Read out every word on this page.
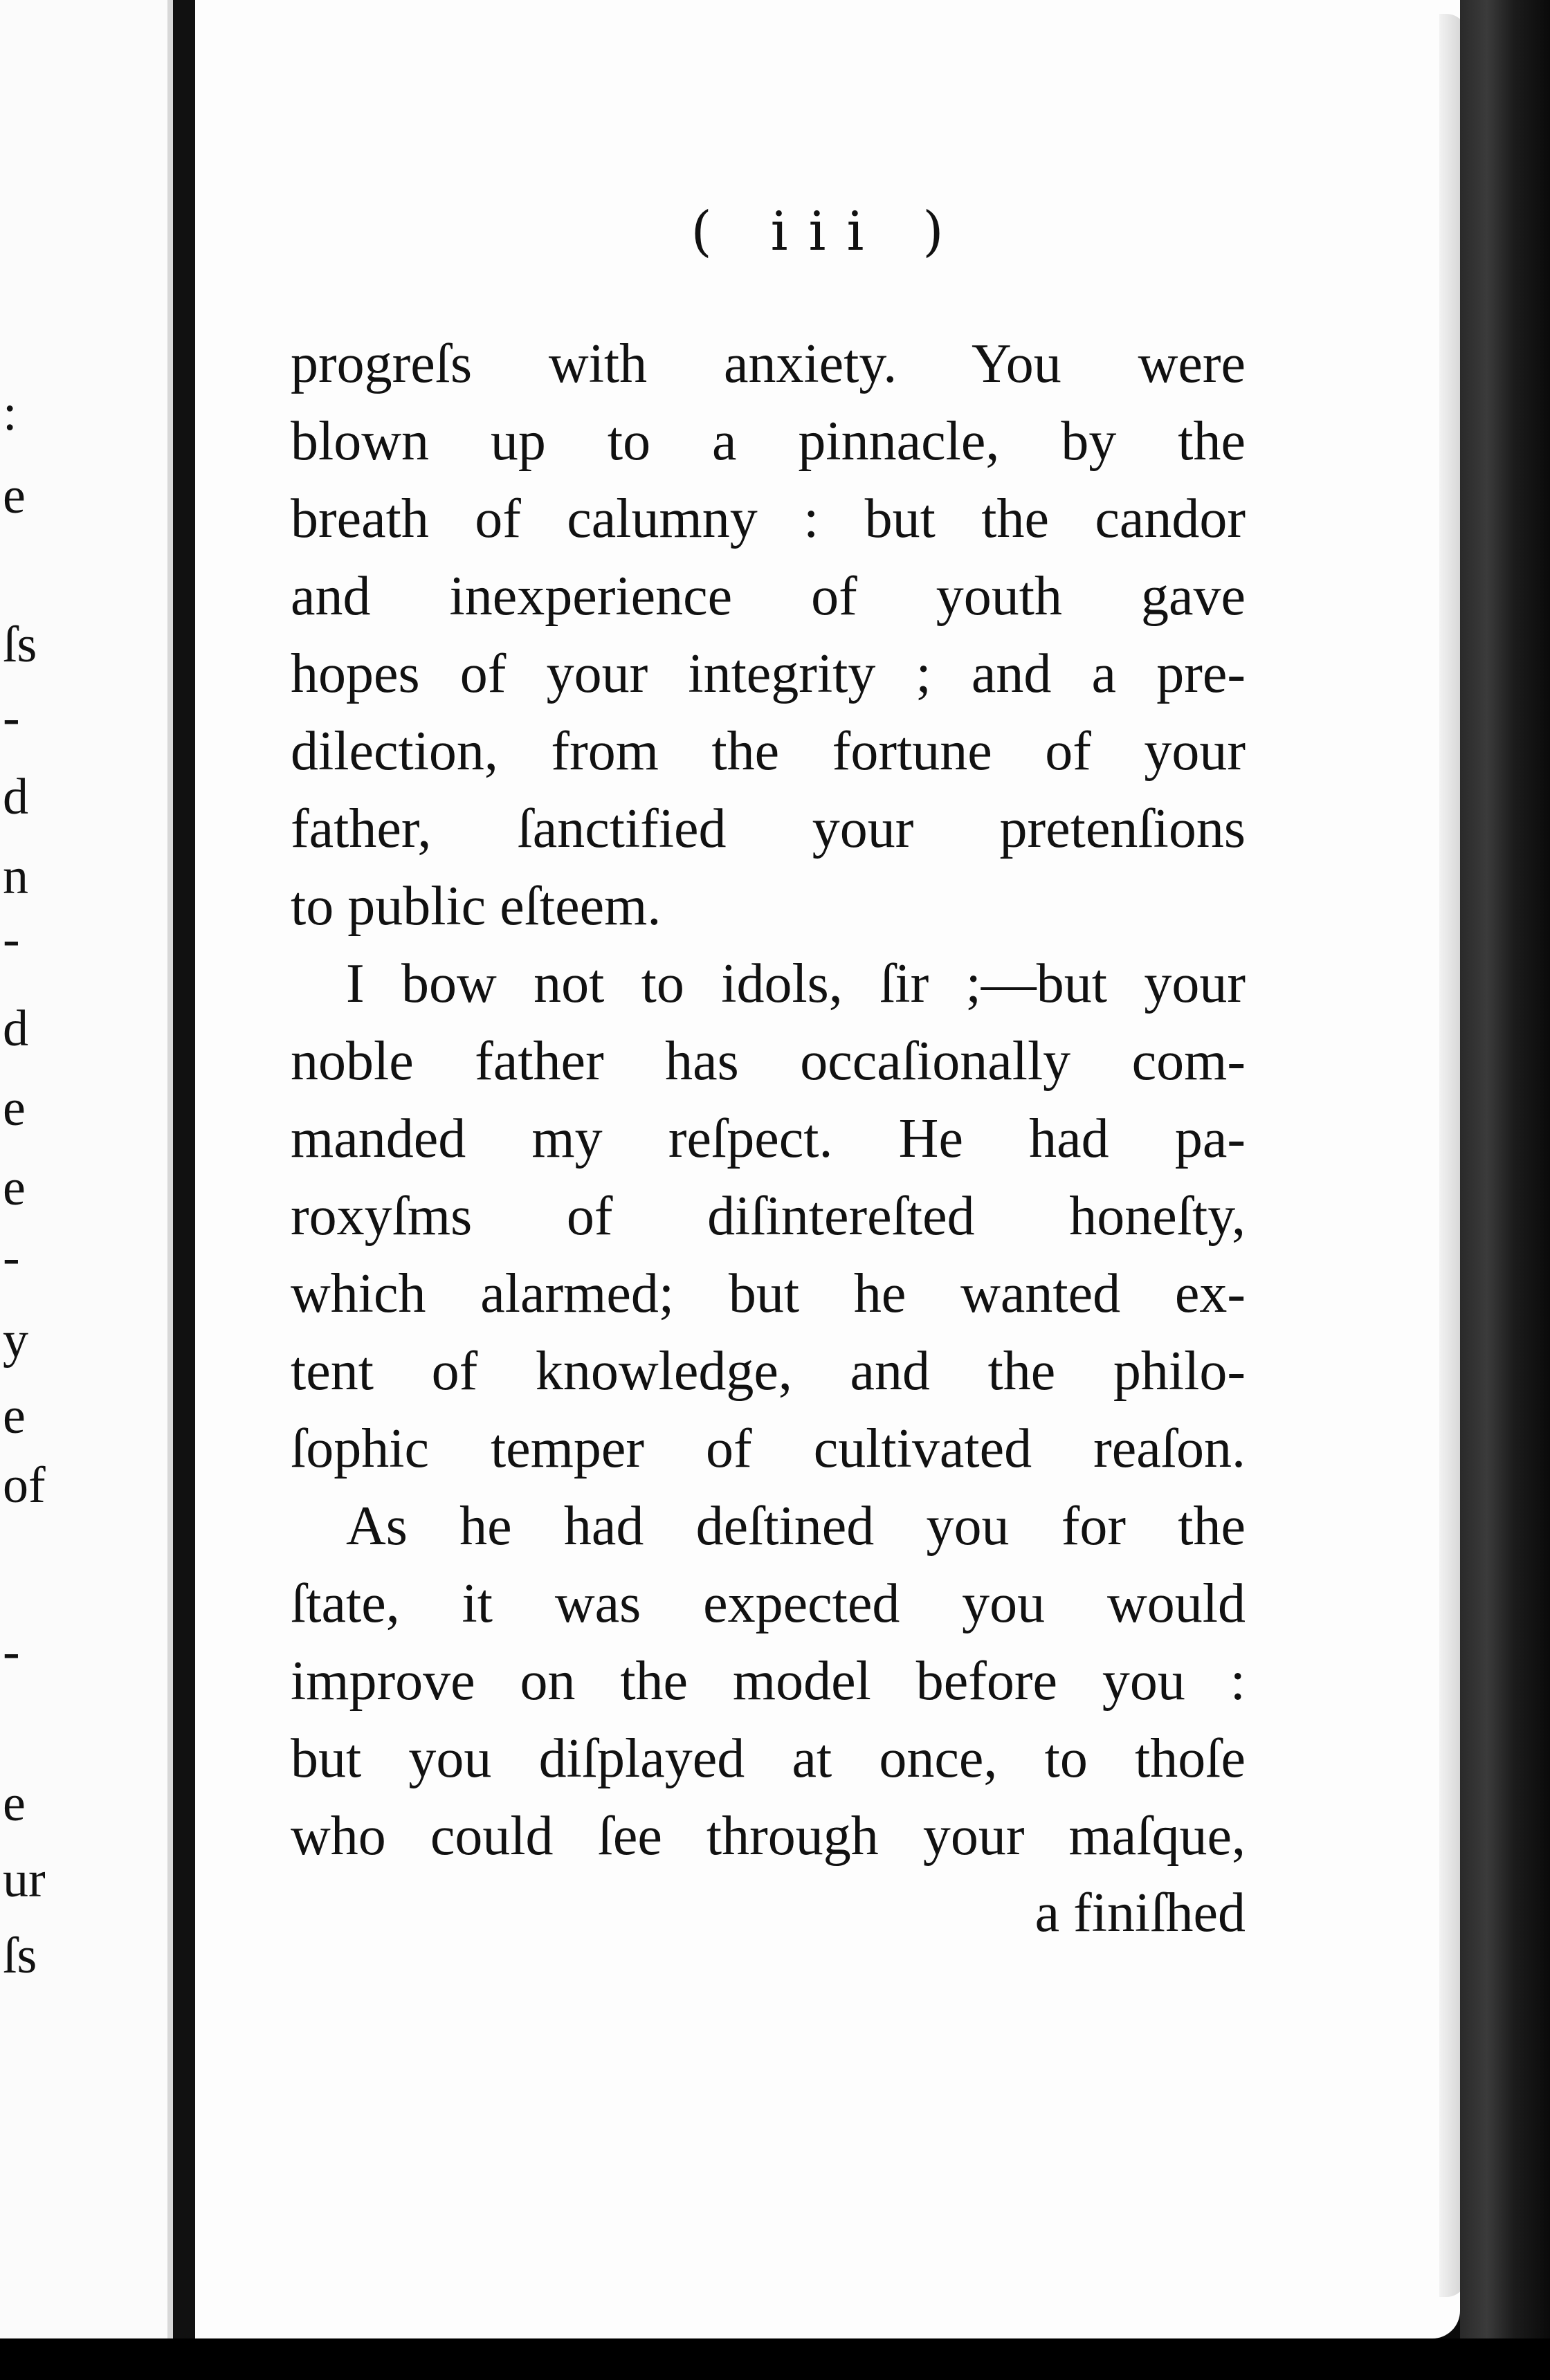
:
e
ſs
-
d
n
-
d
e
e
-
y
e
of
-
e
ur
ſs
( iii )
progreſs with anxiety. You were
blown up to a pinnacle, by the
breath of calumny : but the candor
and inexperience of youth gave
hopes of your integrity ; and a pre-
dilection, from the fortune of your
father, ſanctified your pretenſions
to public eſteem.
I bow not to idols, ſir ;—but your
noble father has occaſionally com-
manded my reſpect. He had pa-
roxyſms of diſintereſted honeſty,
which alarmed; but he wanted ex-
tent of knowledge, and the philo-
ſophic temper of cultivated reaſon.
As he had deſtined you for the
ſtate, it was expected you would
improve on the model before you :
but you diſplayed at once, to thoſe
who could ſee through your maſque,
a finiſhed
